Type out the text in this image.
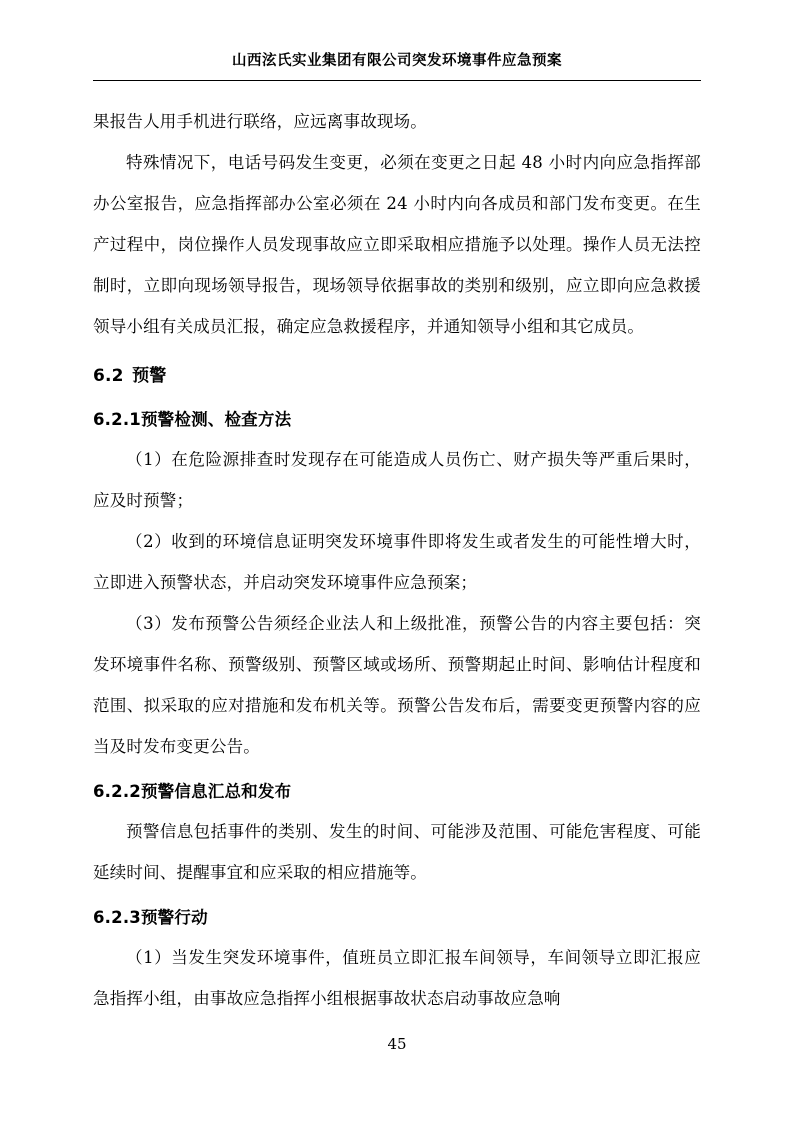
山西泫氏实业集团有限公司突发环境事件应急预案

果报告人用手机进行联络，应远离事故现场。

特殊情况下，电话号码发生变更，必须在变更之日起 48 小时内向应急指挥部办公室报告，应急指挥部办公室必须在 24 小时内向各成员和部门发布变更。在生产过程中，岗位操作人员发现事故应立即采取相应措施予以处理。操作人员无法控制时，立即向现场领导报告，现场领导依据事故的类别和级别，应立即向应急救援领导小组有关成员汇报，确定应急救援程序，并通知领导小组和其它成员。

6.2 预警
6.2.1预警检测、检查方法

（1）在危险源排查时发现存在可能造成人员伤亡、财产损失等严重后果时，应及时预警；

（2）收到的环境信息证明突发环境事件即将发生或者发生的可能性增大时，立即进入预警状态，并启动突发环境事件应急预案；

（3）发布预警公告须经企业法人和上级批准，预警公告的内容主要包括：突发环境事件名称、预警级别、预警区域或场所、预警期起止时间、影响估计程度和范围、拟采取的应对措施和发布机关等。预警公告发布后，需要变更预警内容的应当及时发布变更公告。

6.2.2预警信息汇总和发布

预警信息包括事件的类别、发生的时间、可能涉及范围、可能危害程度、可能延续时间、提醒事宜和应采取的相应措施等。

6.2.3预警行动

（1）当发生突发环境事件，值班员立即汇报车间领导，车间领导立即汇报应急指挥小组，由事故应急指挥小组根据事故状态启动事故应急响

45
